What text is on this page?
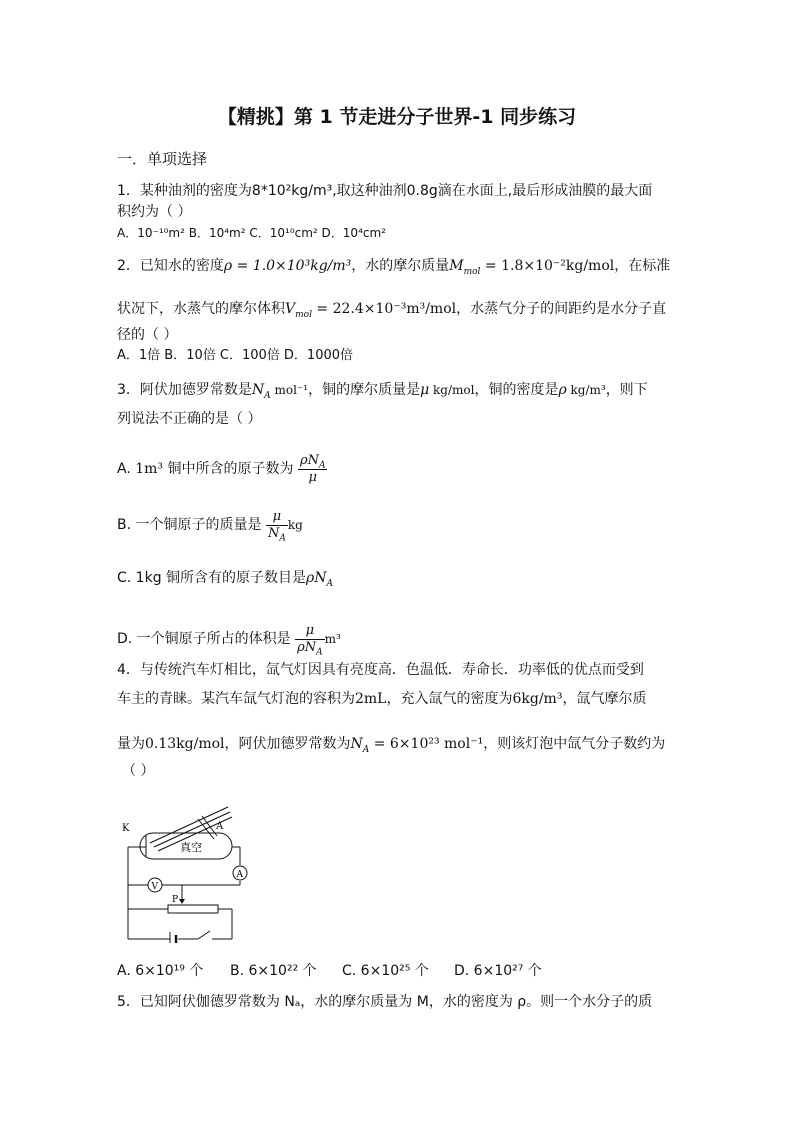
【精挑】第 1 节走进分子世界-1 同步练习
一．单项选择
1．某种油剂的密度为8*10²kg/m³,取这种油剂0.8g滴在水面上,最后形成油膜的最大面
积约为（ ）
A．10⁻¹⁰m² B．10⁴m² C．10¹⁰cm² D．10⁴cm²
2．已知水的密度ρ = 1.0×10³kg/m³，水的摩尔质量$M_{mol} = 1.8\times 10^{-2}kg/mol$，在标准
状况下，水蒸气的摩尔体积$V_{mol} = 22.4\times 10^{-3}m^3/mol$，水蒸气分子的间距约是水分子直
径的（ ）
A．1倍 B．10倍 C．100倍 D．1000倍
3．阿伏加德罗常数是$N_A$ mol⁻¹，铜的摩尔质量是μ kg/mol，铜的密度是ρ kg/m³，则下
列说法不正确的是（ ）
A. 1m³ 铜中所含的原子数为 $\frac{\rho N_A}{\mu}$
B. 一个铜原子的质量是 $\frac{\mu}{N_A}$ kg
C. 1kg 铜所含有的原子数目是$\rho N_A$
D. 一个铜原子所占的体积是 $\frac{\mu}{\rho N_A} m^3$
4．与传统汽车灯相比，氙气灯因具有亮度高．色温低．寿命长．功率低的优点而受到
车主的青睐。某汽车氙气灯泡的容积为2mL，充入氙气的密度为6kg/m³，氙气摩尔质
量为0.13kg/mol，阿伏加德罗常数为$N_A = 6\times 10^{23}$ mol⁻¹，则该灯泡中氙气分子数约为
（ ）
K	A
真空
A
V
P
A. 6×10¹⁹ 个 B. 6×10²² 个 C. 6×10²⁵ 个 D. 6×10²⁷ 个
5．已知阿伏伽德罗常数为 Nₐ，水的摩尔质量为 M，水的密度为 ρ。则一个水分子的质
